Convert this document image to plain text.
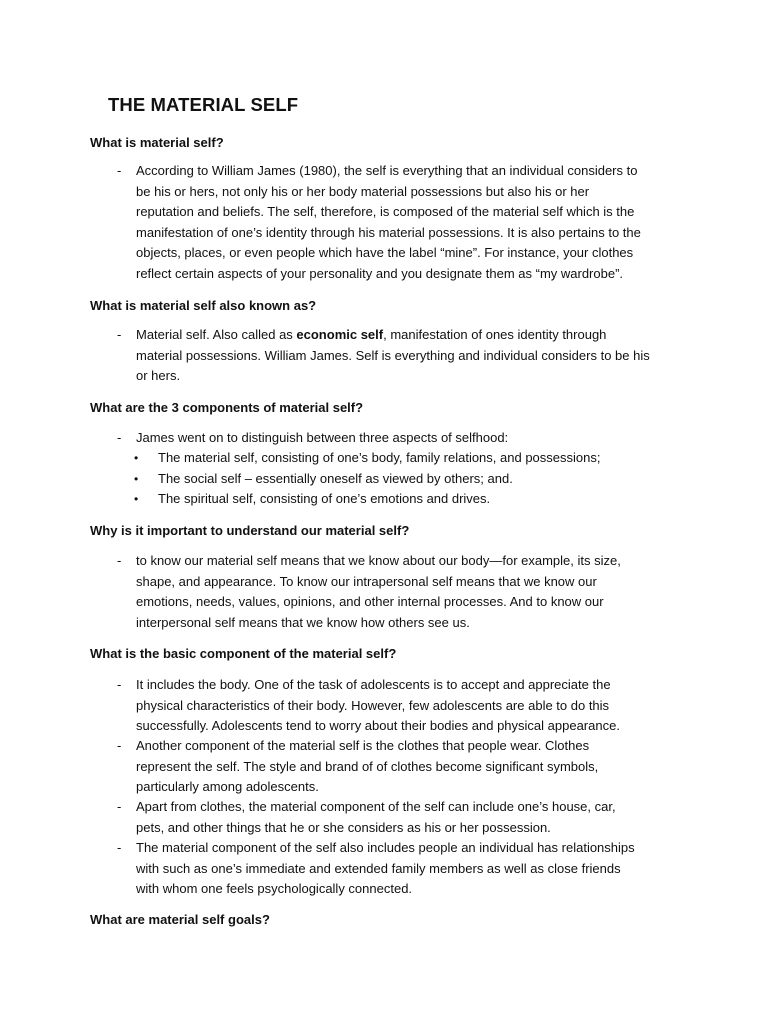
THE MATERIAL SELF

What is material self?

- According to William James (1980), the self is everything that an individual considers to
be his or hers, not only his or her body material possessions but also his or her
reputation and beliefs. The self, therefore, is composed of the material self which is the
manifestation of one’s identity through his material possessions. It is also pertains to the
objects, places, or even people which have the label “mine”. For instance, your clothes
reflect certain aspects of your personality and you designate them as “my wardrobe”.

What is material self also known as?

- Material self. Also called as economic self, manifestation of ones identity through
material possessions. William James. Self is everything and individual considers to be his
or hers.

What are the 3 components of material self?

- James went on to distinguish between three aspects of selfhood:
• The material self, consisting of one’s body, family relations, and possessions;
• The social self – essentially oneself as viewed by others; and.
• The spiritual self, consisting of one’s emotions and drives.

Why is it important to understand our material self?

- to know our material self means that we know about our body—for example, its size,
shape, and appearance. To know our intrapersonal self means that we know our
emotions, needs, values, opinions, and other internal processes. And to know our
interpersonal self means that we know how others see us.

What is the basic component of the material self?

- It includes the body. One of the task of adolescents is to accept and appreciate the
physical characteristics of their body. However, few adolescents are able to do this
successfully. Adolescents tend to worry about their bodies and physical appearance.
- Another component of the material self is the clothes that people wear. Clothes
represent the self. The style and brand of of clothes become significant symbols,
particularly among adolescents.
- Apart from clothes, the material component of the self can include one’s house, car,
pets, and other things that he or she considers as his or her possession.
- The material component of the self also includes people an individual has relationships
with such as one’s immediate and extended family members as well as close friends
with whom one feels psychologically connected.

What are material self goals?
